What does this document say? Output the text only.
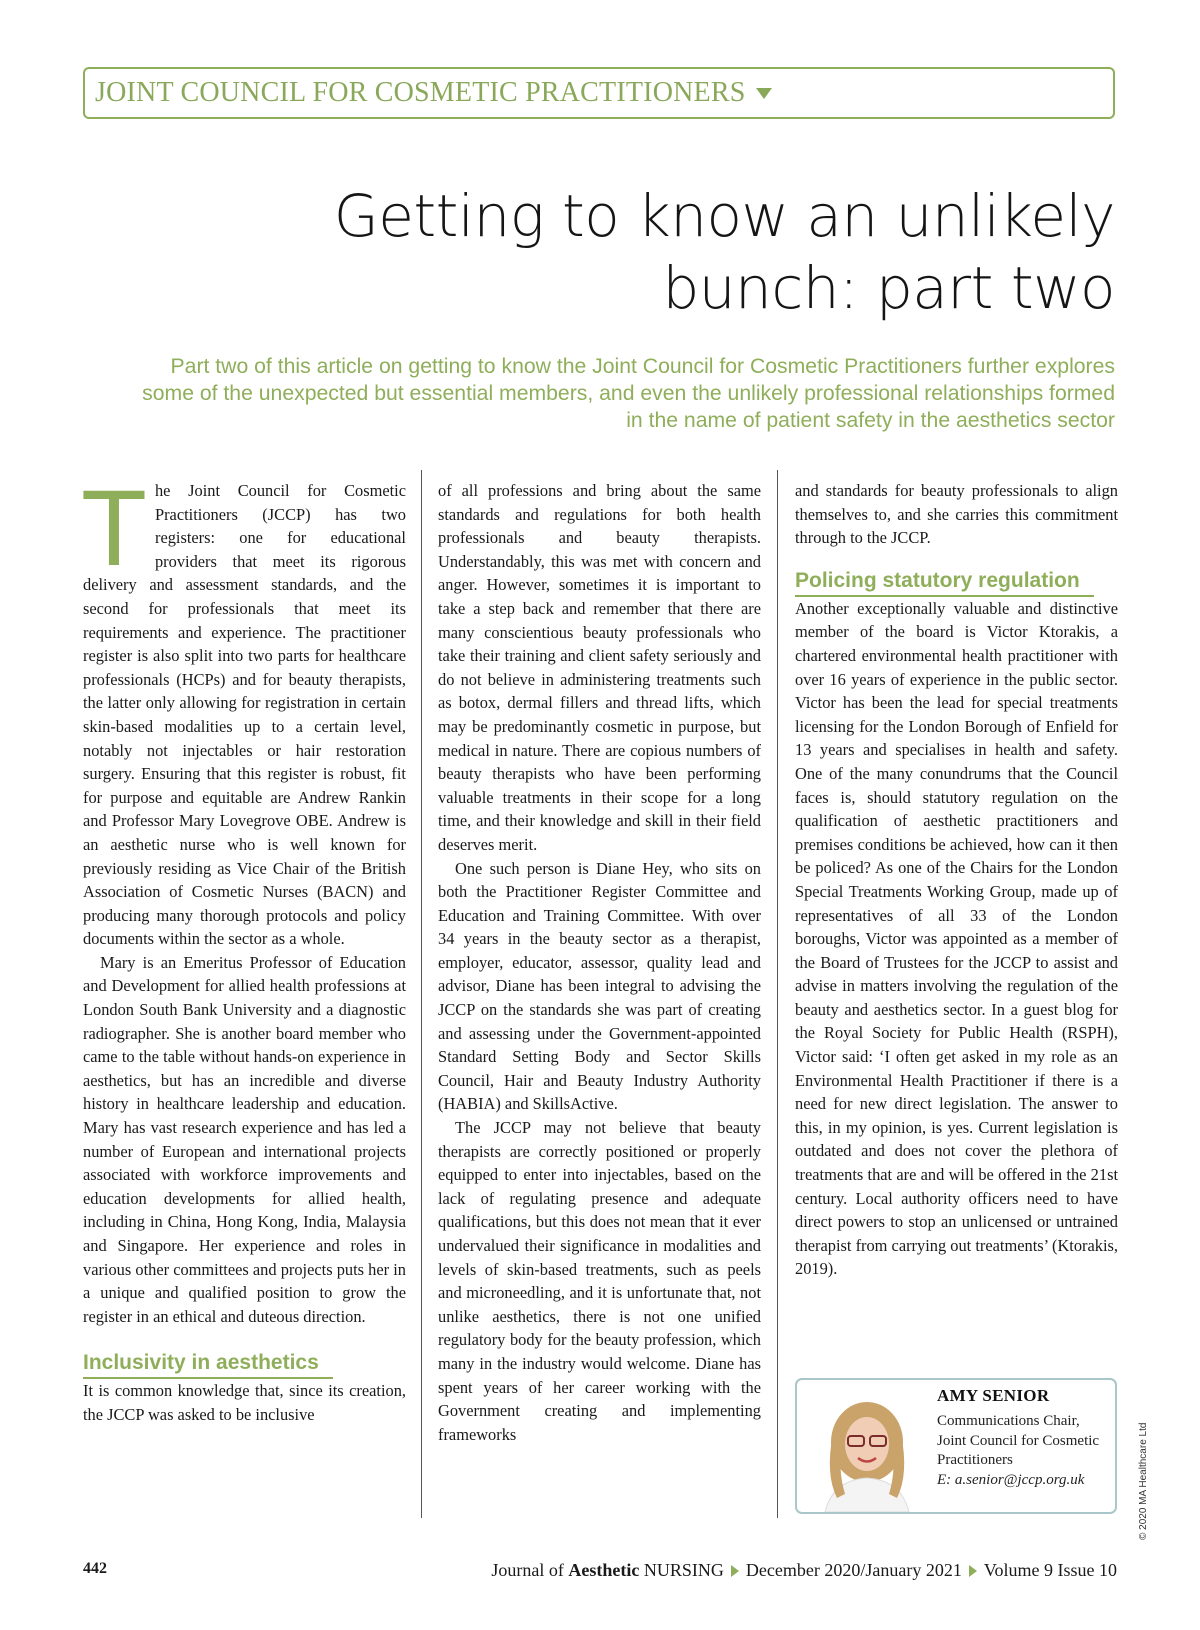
JOINT COUNCIL FOR COSMETIC PRACTITIONERS
Getting to know an unlikely
bunch: part two
Part two of this article on getting to know the Joint Council for Cosmetic Practitioners further explores
some of the unexpected but essential members, and even the unlikely professional relationships formed
in the name of patient safety in the aesthetics sector

The Joint Council for Cosmetic Practitioners (JCCP) has two registers: one for educational providers that meet its rigorous delivery and assessment standards, and the second for professionals that meet its requirements and experience. The practitioner register is also split into two parts for healthcare professionals (HCPs) and for beauty therapists, the latter only allowing for registration in certain skin-based modalities up to a certain level, notably not injectables or hair restoration surgery. Ensuring that this register is robust, fit for purpose and equitable are Andrew Rankin and Professor Mary Lovegrove OBE. Andrew is an aesthetic nurse who is well known for previously residing as Vice Chair of the British Association of Cosmetic Nurses (BACN) and producing many thorough protocols and policy documents within the sector as a whole.

Mary is an Emeritus Professor of Education and Development for allied health professions at London South Bank University and a diagnostic radiographer. She is another board member who came to the table without hands-on experience in aesthetics, but has an incredible and diverse history in healthcare leadership and education. Mary has vast research experience and has led a number of European and international projects associated with workforce improvements and education developments for allied health, including in China, Hong Kong, India, Malaysia and Singapore. Her experience and roles in various other committees and projects puts her in a unique and qualified position to grow the register in an ethical and duteous direction.

Inclusivity in aesthetics

It is common knowledge that, since its creation, the JCCP was asked to be inclusive

of all professions and bring about the same standards and regulations for both health professionals and beauty therapists. Understandably, this was met with concern and anger. However, sometimes it is important to take a step back and remember that there are many conscientious beauty professionals who take their training and client safety seriously and do not believe in administering treatments such as botox, dermal fillers and thread lifts, which may be predominantly cosmetic in purpose, but medical in nature. There are copious numbers of beauty therapists who have been performing valuable treatments in their scope for a long time, and their knowledge and skill in their field deserves merit.

One such person is Diane Hey, who sits on both the Practitioner Register Committee and Education and Training Committee. With over 34 years in the beauty sector as a therapist, employer, educator, assessor, quality lead and advisor, Diane has been integral to advising the JCCP on the standards she was part of creating and assessing under the Government-appointed Standard Setting Body and Sector Skills Council, Hair and Beauty Industry Authority (HABIA) and SkillsActive.

The JCCP may not believe that beauty therapists are correctly positioned or properly equipped to enter into injectables, based on the lack of regulating presence and adequate qualifications, but this does not mean that it ever undervalued their significance in modalities and levels of skin-based treatments, such as peels and microneedling, and it is unfortunate that, not unlike aesthetics, there is not one unified regulatory body for the beauty profession, which many in the industry would welcome. Diane has spent years of her career working with the Government creating and implementing frameworks

and standards for beauty professionals to align themselves to, and she carries this commitment through to the JCCP.

Policing statutory regulation

Another exceptionally valuable and distinctive member of the board is Victor Ktorakis, a chartered environmental health practitioner with over 16 years of experience in the public sector. Victor has been the lead for special treatments licensing for the London Borough of Enfield for 13 years and specialises in health and safety. One of the many conundrums that the Council faces is, should statutory regulation on the qualification of aesthetic practitioners and premises conditions be achieved, how can it then be policed? As one of the Chairs for the London Special Treatments Working Group, made up of representatives of all 33 of the London boroughs, Victor was appointed as a member of the Board of Trustees for the JCCP to assist and advise in matters involving the regulation of the beauty and aesthetics sector. In a guest blog for the Royal Society for Public Health (RSPH), Victor said: ‘I often get asked in my role as an Environmental Health Practitioner if there is a need for new direct legislation. The answer to this, in my opinion, is yes. Current legislation is outdated and does not cover the plethora of treatments that are and will be offered in the 21st century. Local authority officers need to have direct powers to stop an unlicensed or untrained therapist from carrying out treatments’ (Ktorakis, 2019).

AMY SENIOR
Communications Chair, Joint Council for Cosmetic Practitioners
E: a.senior@jccp.org.uk	© 2020 MA Healthcare Ltd
442	Journal of Aesthetic NURSING December 2020/January 2021 Volume 9 Issue 10
